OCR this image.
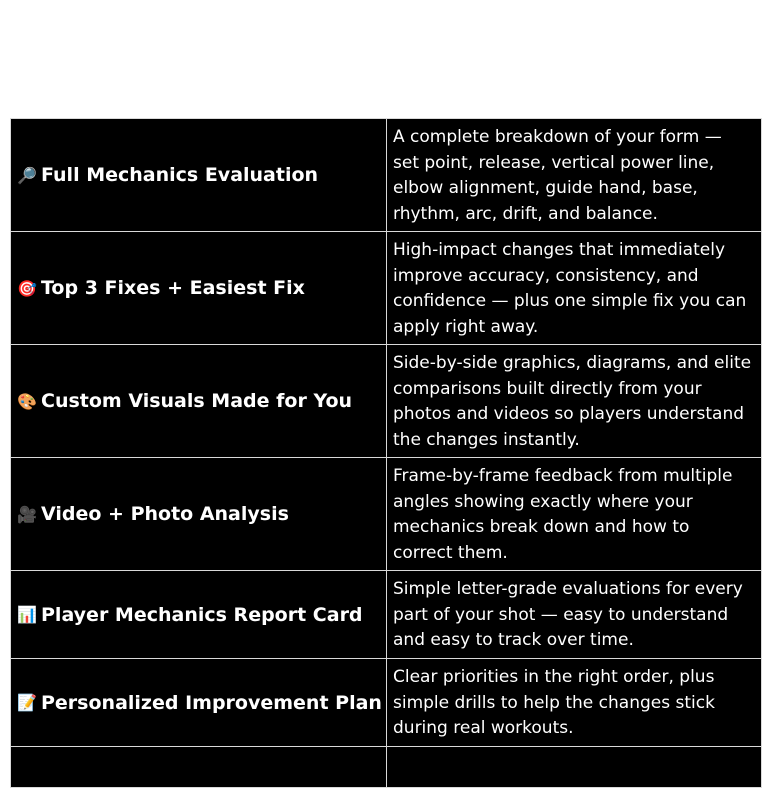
🔎 Full Mechanics Evaluation
A complete breakdown of your form — set point, release, vertical power line, elbow alignment, guide hand, base, rhythm, arc, drift, and balance.
🎯 Top 3 Fixes + Easiest Fix
High-impact changes that immediately improve accuracy, consistency, and confidence — plus one simple fix you can apply right away.
🎨 Custom Visuals Made for You
Side-by-side graphics, diagrams, and elite comparisons built directly from your photos and videos so players understand the changes instantly.
🎥 Video + Photo Analysis
Frame-by-frame feedback from multiple angles showing exactly where your mechanics break down and how to correct them.
📊 Player Mechanics Report Card
Simple letter-grade evaluations for every part of your shot — easy to understand and easy to track over time.
📝 Personalized Improvement Plan
Clear priorities in the right order, plus simple drills to help the changes stick during real workouts.
